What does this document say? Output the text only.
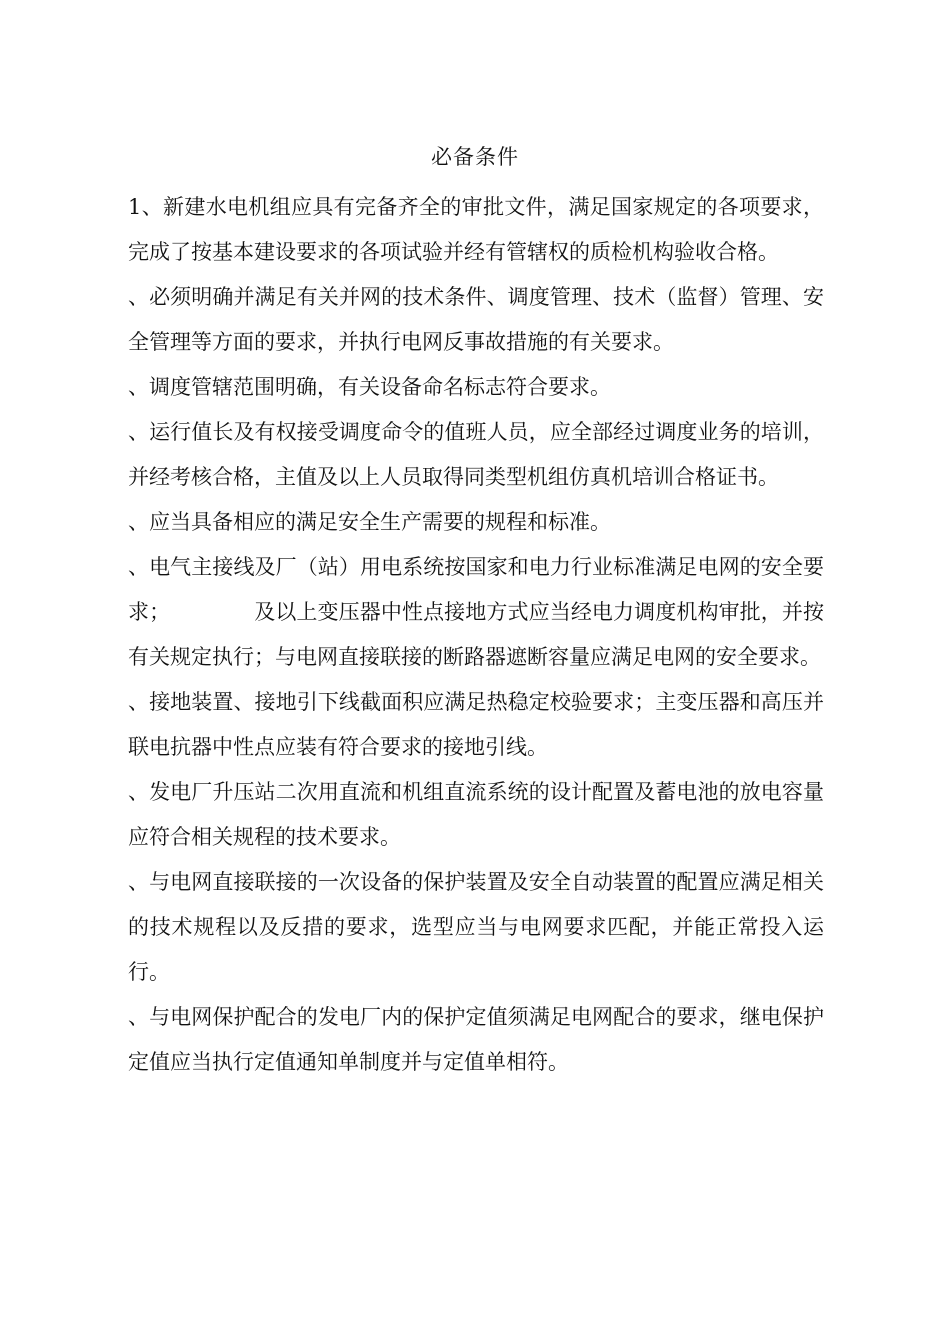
必备条件

1、新建水电机组应具有完备齐全的审批文件，满足国家规定的各项要求，完成了按基本建设要求的各项试验并经有管辖权的质检机构验收合格。

、必须明确并满足有关并网的技术条件、调度管理、技术（监督）管理、安全管理等方面的要求，并执行电网反事故措施的有关要求。

、调度管辖范围明确，有关设备命名标志符合要求。

、运行值长及有权接受调度命令的值班人员，应全部经过调度业务的培训，并经考核合格，主值及以上人员取得同类型机组仿真机培训合格证书。

、应当具备相应的满足安全生产需要的规程和标准。

、电气主接线及厂（站）用电系统按国家和电力行业标准满足电网的安全要求；	及以上变压器中性点接地方式应当经电力调度机构审批，并按有关规定执行；与电网直接联接的断路器遮断容量应满足电网的安全要求。

、接地装置、接地引下线截面积应满足热稳定校验要求；主变压器和高压并联电抗器中性点应装有符合要求的接地引线。

、发电厂升压站二次用直流和机组直流系统的设计配置及蓄电池的放电容量应符合相关规程的技术要求。

、与电网直接联接的一次设备的保护装置及安全自动装置的配置应满足相关的技术规程以及反措的要求，选型应当与电网要求匹配，并能正常投入运行。

、与电网保护配合的发电厂内的保护定值须满足电网配合的要求，继电保护定值应当执行定值通知单制度并与定值单相符。
